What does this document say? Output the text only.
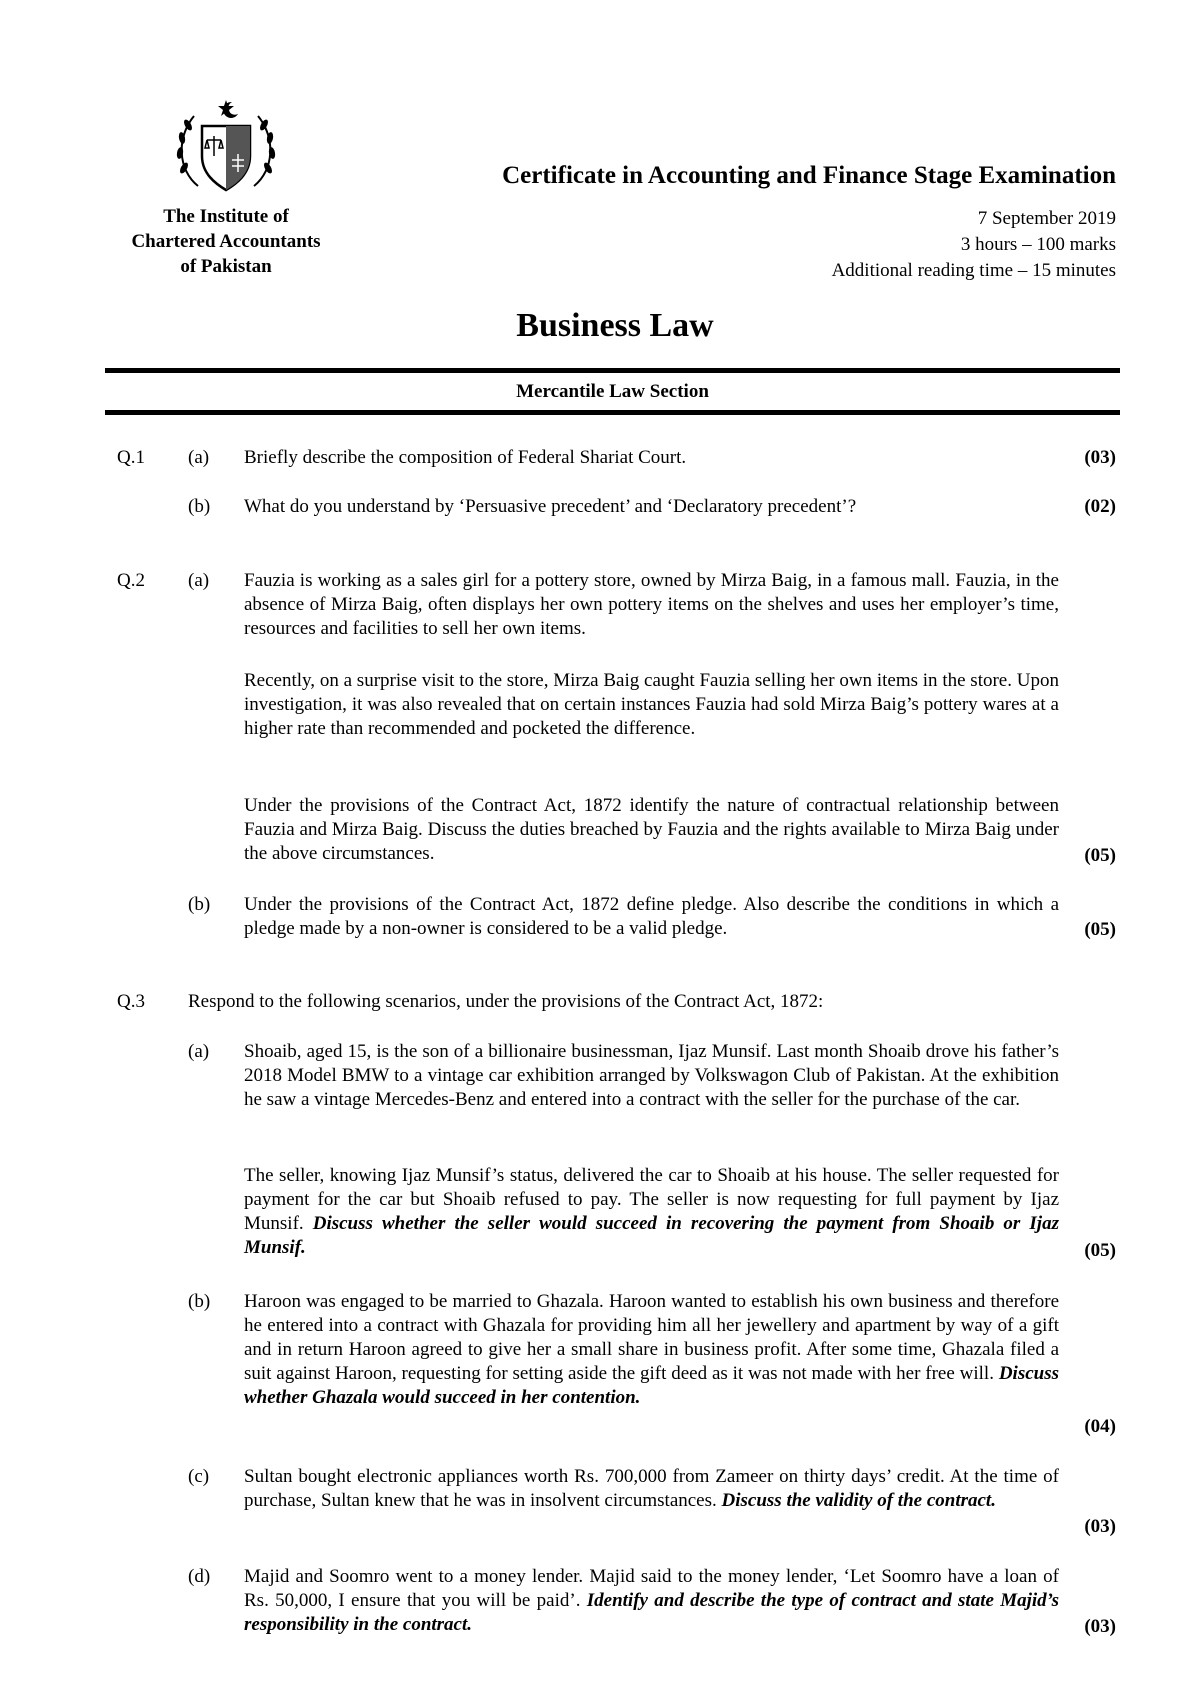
The Institute of
Chartered Accountants
of Pakistan
Certificate in Accounting and Finance Stage Examination
7 September 2019
3 hours – 100 marks
Additional reading time – 15 minutes
Business Law
Mercantile Law Section
Q.1 (a) Briefly describe the composition of Federal Shariat Court.	(03)
(b) What do you understand by ‘Persuasive precedent’ and ‘Declaratory precedent’?	(02)
Q.2 (a) Fauzia is working as a sales girl for a pottery store, owned by Mirza Baig, in a famous mall. Fauzia, in the absence of Mirza Baig, often displays her own pottery items on the shelves and uses her employer’s time, resources and facilities to sell her own items.
Recently, on a surprise visit to the store, Mirza Baig caught Fauzia selling her own items in the store. Upon investigation, it was also revealed that on certain instances Fauzia had sold Mirza Baig’s pottery wares at a higher rate than recommended and pocketed the difference.
Under the provisions of the Contract Act, 1872 identify the nature of contractual relationship between Fauzia and Mirza Baig. Discuss the duties breached by Fauzia and the rights available to Mirza Baig under the above circumstances.	(05)
(b) Under the provisions of the Contract Act, 1872 define pledge. Also describe the conditions in which a pledge made by a non-owner is considered to be a valid pledge.	(05)
Q.3 Respond to the following scenarios, under the provisions of the Contract Act, 1872:
(a) Shoaib, aged 15, is the son of a billionaire businessman, Ijaz Munsif. Last month Shoaib drove his father’s 2018 Model BMW to a vintage car exhibition arranged by Volkswagon Club of Pakistan. At the exhibition he saw a vintage Mercedes-Benz and entered into a contract with the seller for the purchase of the car.
The seller, knowing Ijaz Munsif’s status, delivered the car to Shoaib at his house. The seller requested for payment for the car but Shoaib refused to pay. The seller is now requesting for full payment by Ijaz Munsif. Discuss whether the seller would succeed in recovering the payment from Shoaib or Ijaz Munsif.	(05)
(b) Haroon was engaged to be married to Ghazala. Haroon wanted to establish his own business and therefore he entered into a contract with Ghazala for providing him all her jewellery and apartment by way of a gift and in return Haroon agreed to give her a small share in business profit. After some time, Ghazala filed a suit against Haroon, requesting for setting aside the gift deed as it was not made with her free will. Discuss whether Ghazala would succeed in her contention.
(04)
(c) Sultan bought electronic appliances worth Rs. 700,000 from Zameer on thirty days’ credit. At the time of purchase, Sultan knew that he was in insolvent circumstances. Discuss the validity of the contract.
(03)
(d) Majid and Soomro went to a money lender. Majid said to the money lender, ‘Let Soomro have a loan of Rs. 50,000, I ensure that you will be paid’. Identify and describe the type of contract and state Majid’s responsibility in the contract.	(03)
